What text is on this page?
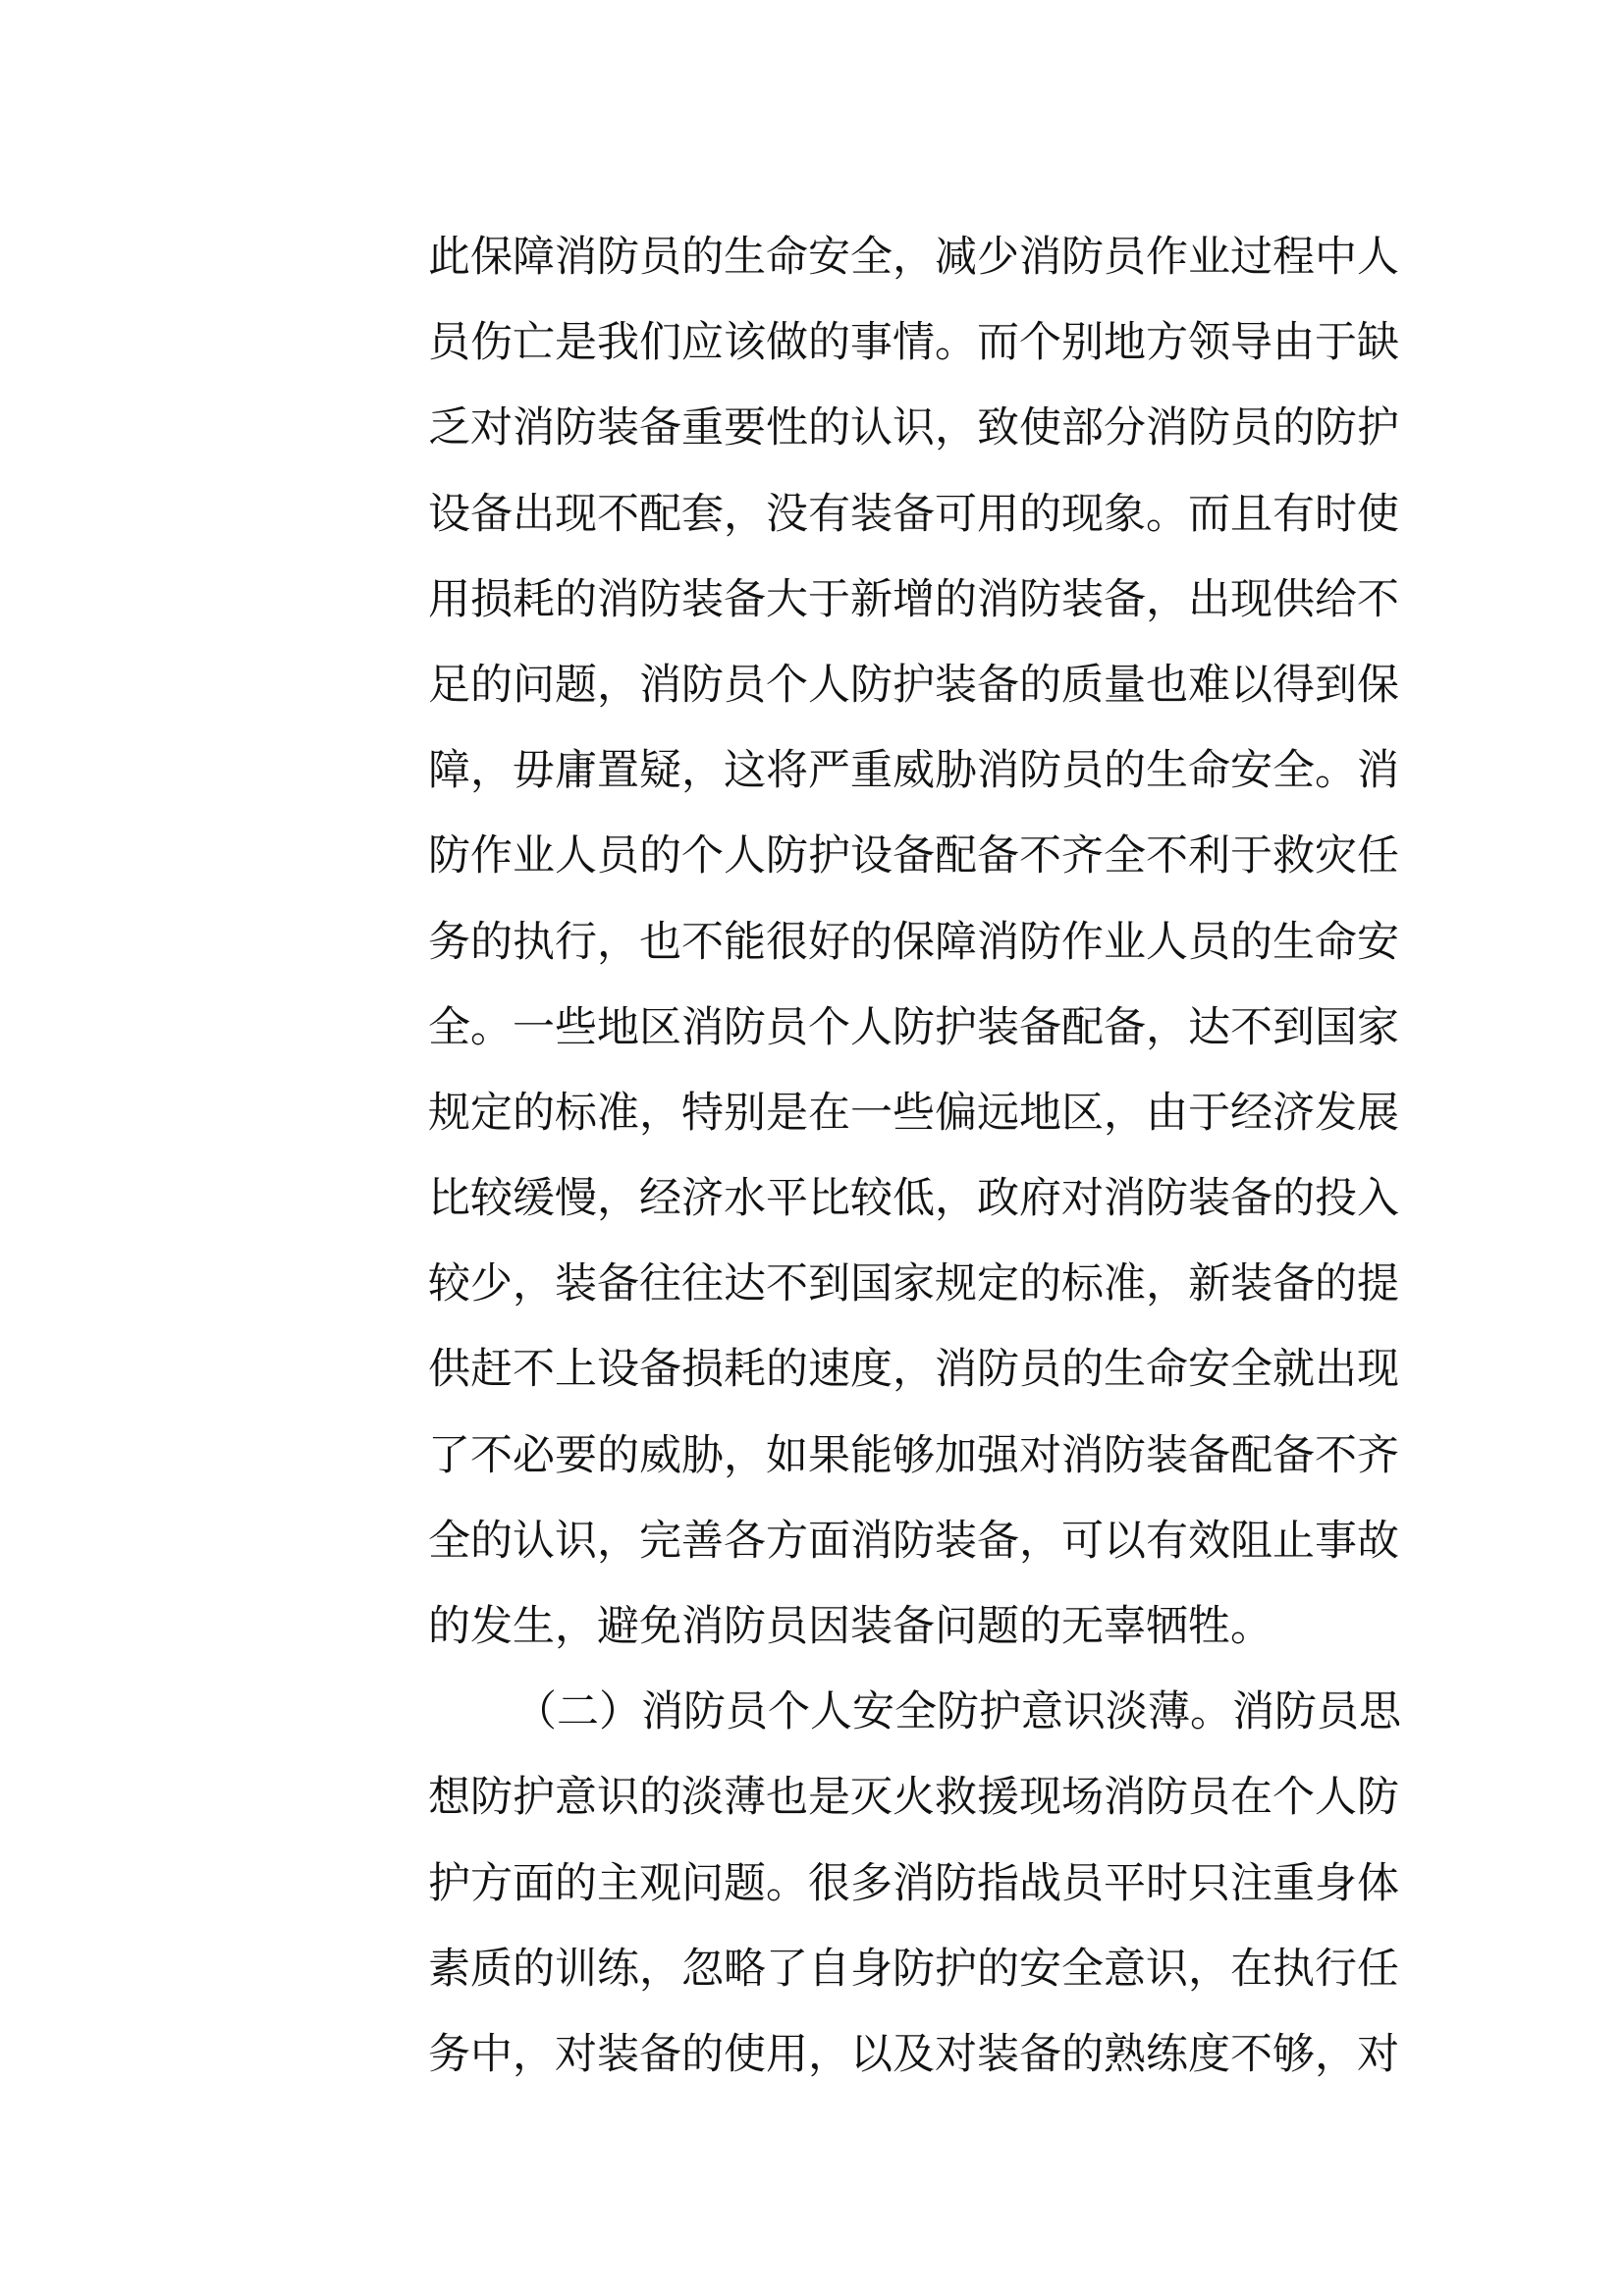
此保障消防员的生命安全，减少消防员作业过程中人
员伤亡是我们应该做的事情。而个别地方领导由于缺
乏对消防装备重要性的认识，致使部分消防员的防护
设备出现不配套，没有装备可用的现象。而且有时使
用损耗的消防装备大于新增的消防装备，出现供给不
足的问题，消防员个人防护装备的质量也难以得到保
障，毋庸置疑，这将严重威胁消防员的生命安全。消
防作业人员的个人防护设备配备不齐全不利于救灾任
务的执行，也不能很好的保障消防作业人员的生命安
全。一些地区消防员个人防护装备配备，达不到国家
规定的标准，特别是在一些偏远地区，由于经济发展
比较缓慢，经济水平比较低，政府对消防装备的投入
较少，装备往往达不到国家规定的标准，新装备的提
供赶不上设备损耗的速度，消防员的生命安全就出现
了不必要的威胁，如果能够加强对消防装备配备不齐
全的认识，完善各方面消防装备，可以有效阻止事故
的发生，避免消防员因装备问题的无辜牺牲。
（二）消防员个人安全防护意识淡薄。消防员思
想防护意识的淡薄也是灭火救援现场消防员在个人防
护方面的主观问题。很多消防指战员平时只注重身体
素质的训练，忽略了自身防护的安全意识，在执行任
务中，对装备的使用，以及对装备的熟练度不够，对
